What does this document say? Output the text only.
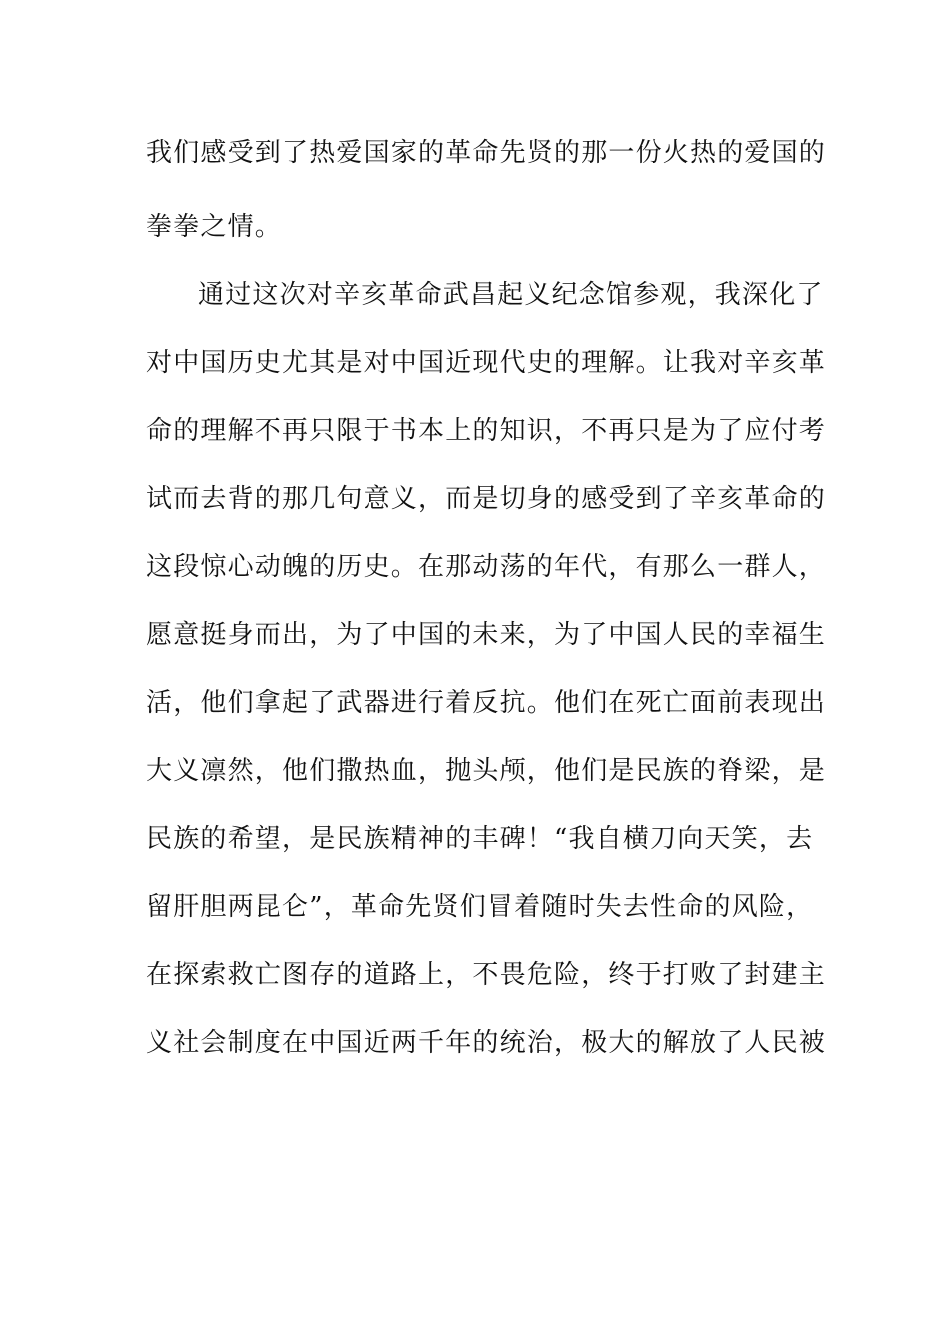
我们感受到了热爱国家的革命先贤的那一份火热的爱国的
拳拳之情。
通过这次对辛亥革命武昌起义纪念馆参观，我深化了
对中国历史尤其是对中国近现代史的理解。让我对辛亥革
命的理解不再只限于书本上的知识，不再只是为了应付考
试而去背的那几句意义，而是切身的感受到了辛亥革命的
这段惊心动魄的历史。在那动荡的年代，有那么一群人，
愿意挺身而出，为了中国的未来，为了中国人民的幸福生
活，他们拿起了武器进行着反抗。他们在死亡面前表现出
大义凛然，他们撒热血，抛头颅，他们是民族的脊梁，是
民族的希望，是民族精神的丰碑！“我自横刀向天笑，去
留肝胆两昆仑”，革命先贤们冒着随时失去性命的风险，
在探索救亡图存的道路上，不畏危险，终于打败了封建主
义社会制度在中国近两千年的统治，极大的解放了人民被
